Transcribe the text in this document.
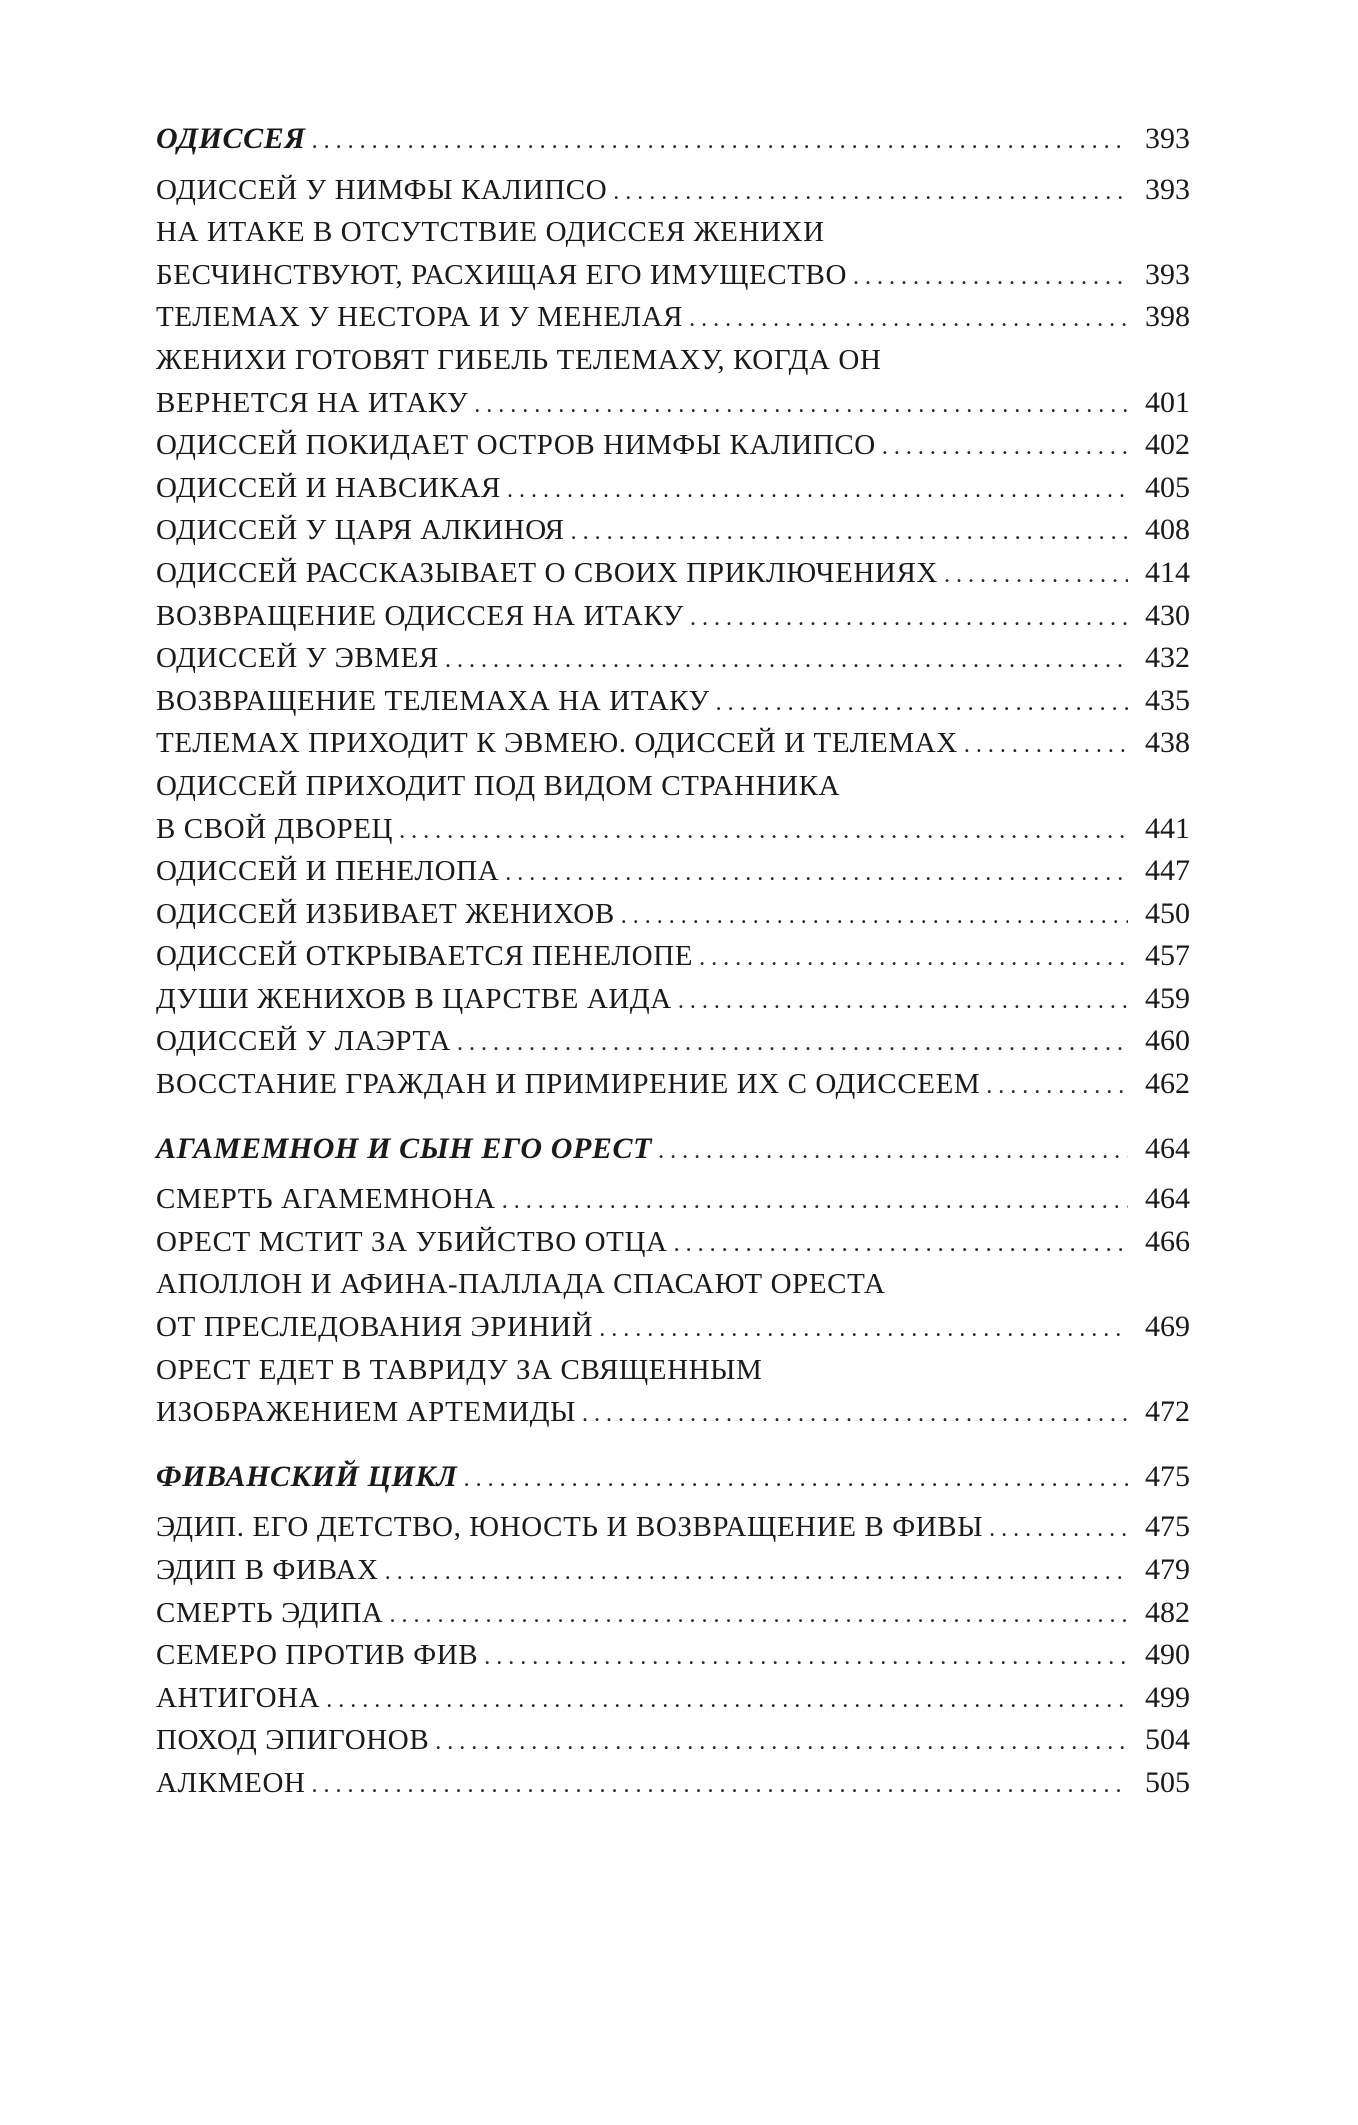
ОДИССЕЯ . . .	393
ОДИССЕЙ У НИМФЫ КАЛИПСО . . .	393
НА ИТАКЕ В ОТСУТСТВИЕ ОДИССЕЯ ЖЕНИХИ
БЕСЧИНСТВУЮТ, РАСХИЩАЯ ЕГО ИМУЩЕСТВО . . .	393
ТЕЛЕМАХ У НЕСТОРА И У МЕНЕЛАЯ . . .	398
ЖЕНИХИ ГОТОВЯТ ГИБЕЛЬ ТЕЛЕМАХУ, КОГДА ОН
ВЕРНЕТСЯ НА ИТАКУ . . .	401
ОДИССЕЙ ПОКИДАЕТ ОСТРОВ НИМФЫ КАЛИПСО . . .	402
ОДИССЕЙ И НАВСИКАЯ . . .	405
ОДИССЕЙ У ЦАРЯ АЛКИНОЯ . . .	408
ОДИССЕЙ РАССКАЗЫВАЕТ О СВОИХ ПРИКЛЮЧЕНИЯХ . . .	414
ВОЗВРАЩЕНИЕ ОДИССЕЯ НА ИТАКУ . . .	430
ОДИССЕЙ У ЭВМЕЯ . . .	432
ВОЗВРАЩЕНИЕ ТЕЛЕМАХА НА ИТАКУ . . .	435
ТЕЛЕМАХ ПРИХОДИТ К ЭВМЕЮ. ОДИССЕЙ И ТЕЛЕМАХ . . .	438
ОДИССЕЙ ПРИХОДИТ ПОД ВИДОМ СТРАННИКА
В СВОЙ ДВОРЕЦ . . .	441
ОДИССЕЙ И ПЕНЕЛОПА . . .	447
ОДИССЕЙ ИЗБИВАЕТ ЖЕНИХОВ . . .	450
ОДИССЕЙ ОТКРЫВАЕТСЯ ПЕНЕЛОПЕ . . .	457
ДУШИ ЖЕНИХОВ В ЦАРСТВЕ АИДА . . .	459
ОДИССЕЙ У ЛАЭРТА . . .	460
ВОССТАНИЕ ГРАЖДАН И ПРИМИРЕНИЕ ИХ С ОДИССЕЕМ . . .	462
АГАМЕМНОН И СЫН ЕГО ОРЕСТ . . .	464
СМЕРТЬ АГАМЕМНОНА . . .	464
ОРЕСТ МСТИТ ЗА УБИЙСТВО ОТЦА . . .	466
АПОЛЛОН И АФИНА-ПАЛЛАДА СПАСАЮТ ОРЕСТА
ОТ ПРЕСЛЕДОВАНИЯ ЭРИНИЙ . . .	469
ОРЕСТ ЕДЕТ В ТАВРИДУ ЗА СВЯЩЕННЫМ
ИЗОБРАЖЕНИЕМ АРТЕМИДЫ . . .	472
ФИВАНСКИЙ ЦИКЛ . . .	475
ЭДИП. ЕГО ДЕТСТВО, ЮНОСТЬ И ВОЗВРАЩЕНИЕ В ФИВЫ . . .	475
ЭДИП В ФИВАХ . . .	479
СМЕРТЬ ЭДИПА . . .	482
СЕМЕРО ПРОТИВ ФИВ . . .	490
АНТИГОНА . . .	499
ПОХОД ЭПИГОНОВ . . .	504
АЛКМЕОН . . .	505
